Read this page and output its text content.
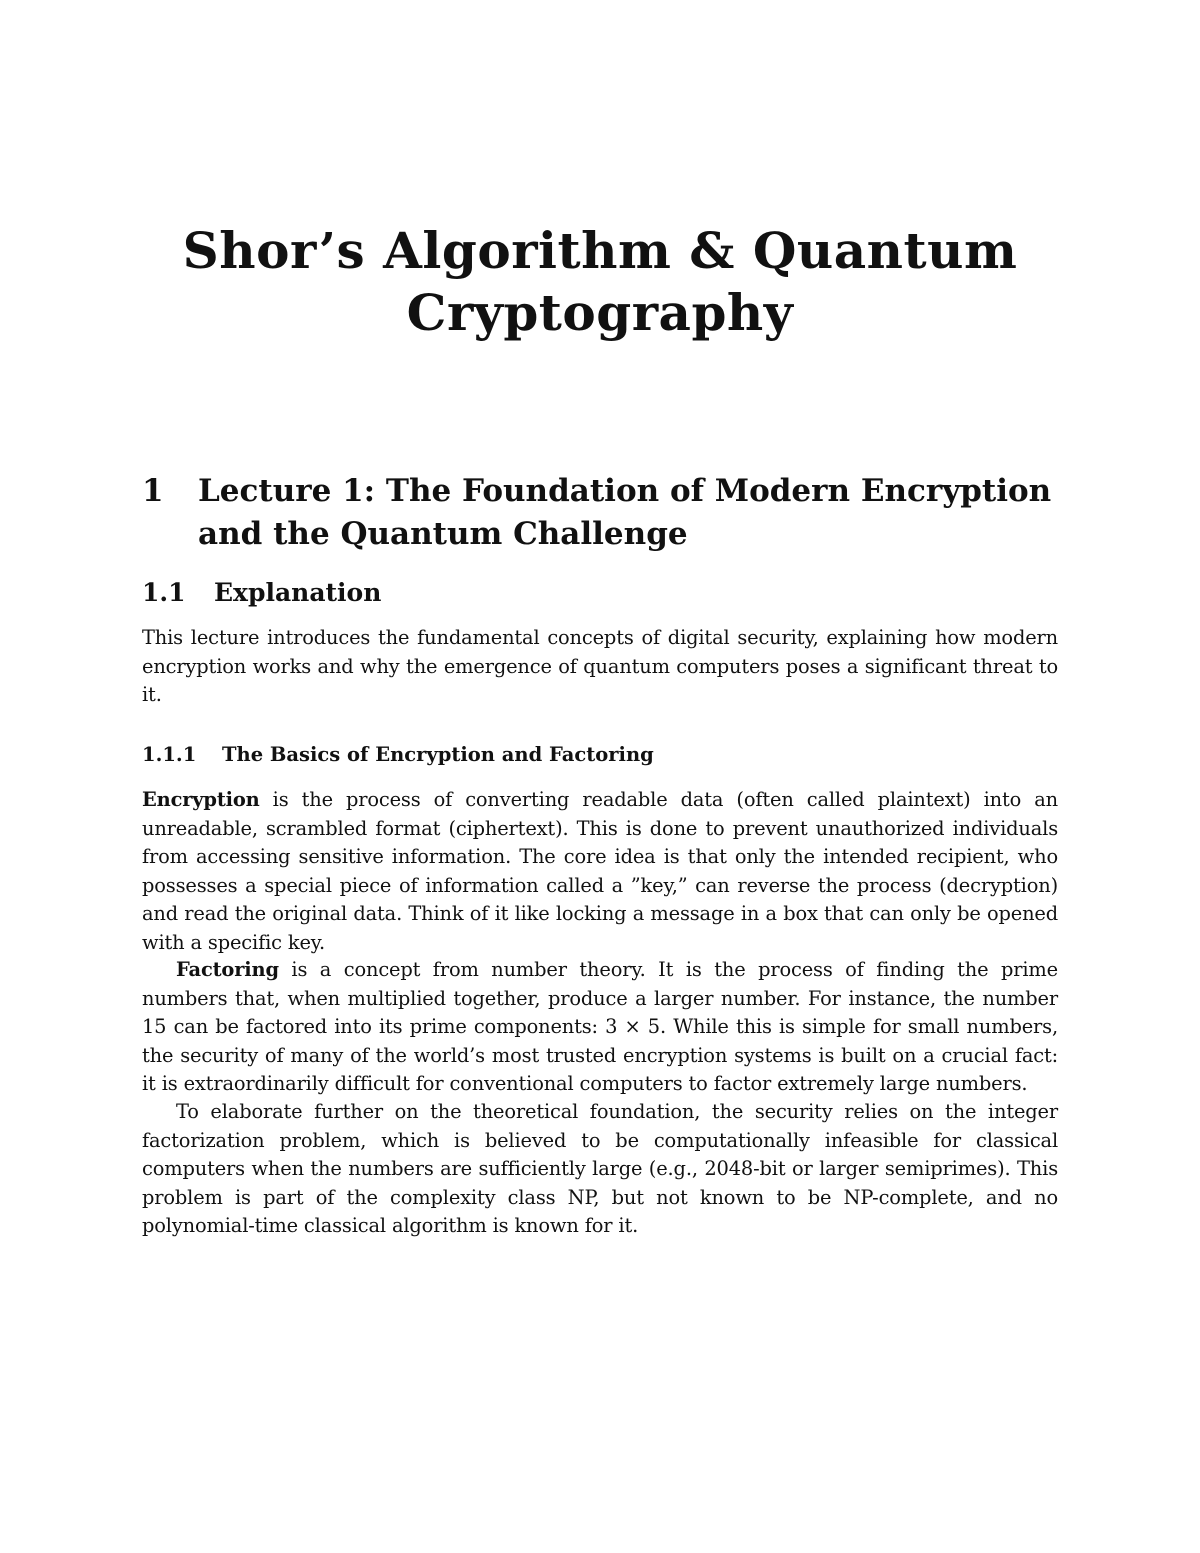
Shor’s Algorithm & Quantum Cryptography
1	Lecture 1: The Foundation of Modern Encryption and the Quantum Challenge
1.1 Explanation

This lecture introduces the fundamental concepts of digital security, explaining how modern encryption works and why the emergence of quantum computers poses a significant threat to it.

1.1.1 The Basics of Encryption and Factoring

Encryption is the process of converting readable data (often called plaintext) into an unreadable, scrambled format (ciphertext). This is done to prevent unauthorized individuals from accessing sensitive information. The core idea is that only the intended recipient, who possesses a special piece of information called a ”key,” can reverse the process (decryption) and read the original data. Think of it like locking a message in a box that can only be opened with a specific key.

Factoring is a concept from number theory. It is the process of finding the prime numbers that, when multiplied together, produce a larger number. For instance, the number 15 can be factored into its prime components: 3 × 5. While this is simple for small numbers, the security of many of the world’s most trusted encryption systems is built on a crucial fact: it is extraordinarily difficult for conventional computers to factor extremely large numbers.

To elaborate further on the theoretical foundation, the security relies on the integer factorization problem, which is believed to be computationally infeasible for classical computers when the numbers are sufficiently large (e.g., 2048-bit or larger semiprimes). This problem is part of the complexity class NP, but not known to be NP-complete, and no polynomial-time classical algorithm is known for it.
